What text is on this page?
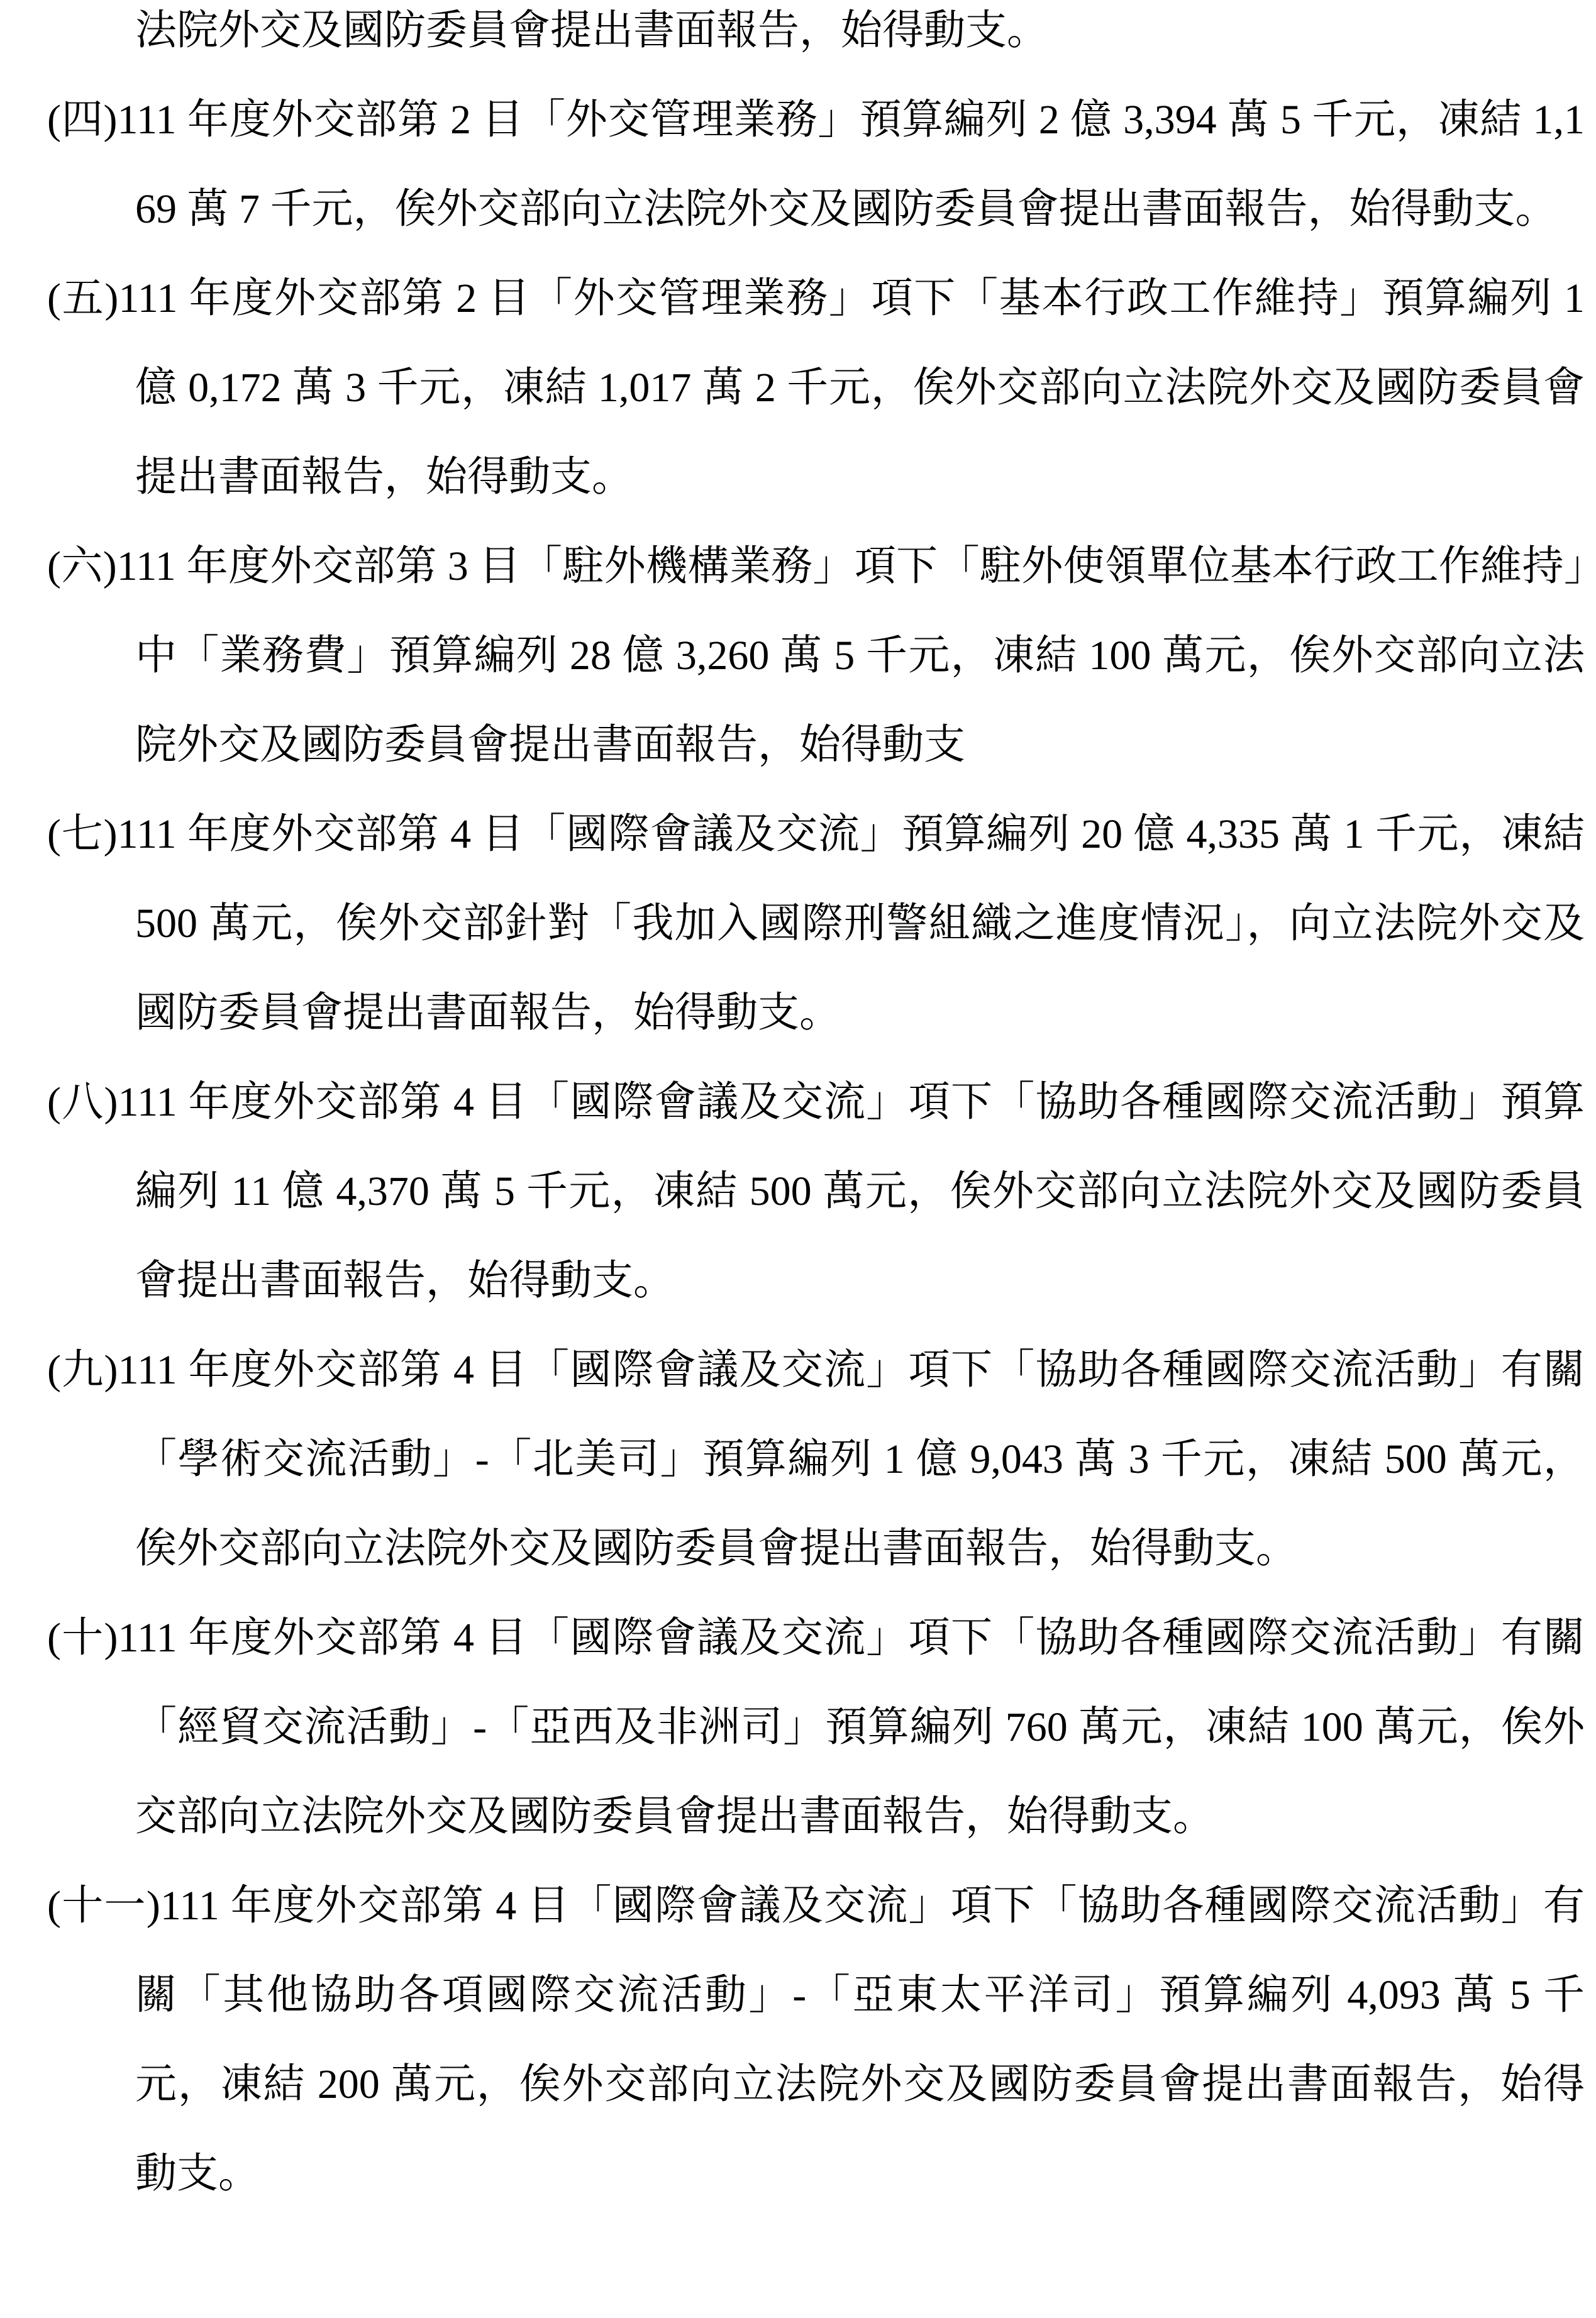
法院外交及國防委員會提出書面報告，始得動支。

(四)111 年度外交部第 2 目「外交管理業務」預算編列 2 億 3,394 萬 5 千元，凍結 1,169 萬 7 千元，俟外交部向立法院外交及國防委員會提出書面報告，始得動支。

(五)111 年度外交部第 2 目「外交管理業務」項下「基本行政工作維持」預算編列 1 億 0,172 萬 3 千元，凍結 1,017 萬 2 千元，俟外交部向立法院外交及國防委員會提出書面報告，始得動支。

(六)111 年度外交部第 3 目「駐外機構業務」項下「駐外使領單位基本行政工作維持」中「業務費」預算編列 28 億 3,260 萬 5 千元，凍結 100 萬元，俟外交部向立法院外交及國防委員會提出書面報告，始得動支

(七)111 年度外交部第 4 目「國際會議及交流」預算編列 20 億 4,335 萬 1 千元，凍結 500 萬元，俟外交部針對「我加入國際刑警組織之進度情況」，向立法院外交及國防委員會提出書面報告，始得動支。

(八)111 年度外交部第 4 目「國際會議及交流」項下「協助各種國際交流活動」預算編列 11 億 4,370 萬 5 千元，凍結 500 萬元，俟外交部向立法院外交及國防委員會提出書面報告，始得動支。

(九)111 年度外交部第 4 目「國際會議及交流」項下「協助各種國際交流活動」有關「學術交流活動」-「北美司」預算編列 1 億 9,043 萬 3 千元，凍結 500 萬元，俟外交部向立法院外交及國防委員會提出書面報告，始得動支。

(十)111 年度外交部第 4 目「國際會議及交流」項下「協助各種國際交流活動」有關「經貿交流活動」-「亞西及非洲司」預算編列 760 萬元，凍結 100 萬元，俟外交部向立法院外交及國防委員會提出書面報告，始得動支。

(十一)111 年度外交部第 4 目「國際會議及交流」項下「協助各種國際交流活動」有關「其他協助各項國際交流活動」-「亞東太平洋司」預算編列 4,093 萬 5 千元，凍結 200 萬元，俟外交部向立法院外交及國防委員會提出書面報告，始得動支。
